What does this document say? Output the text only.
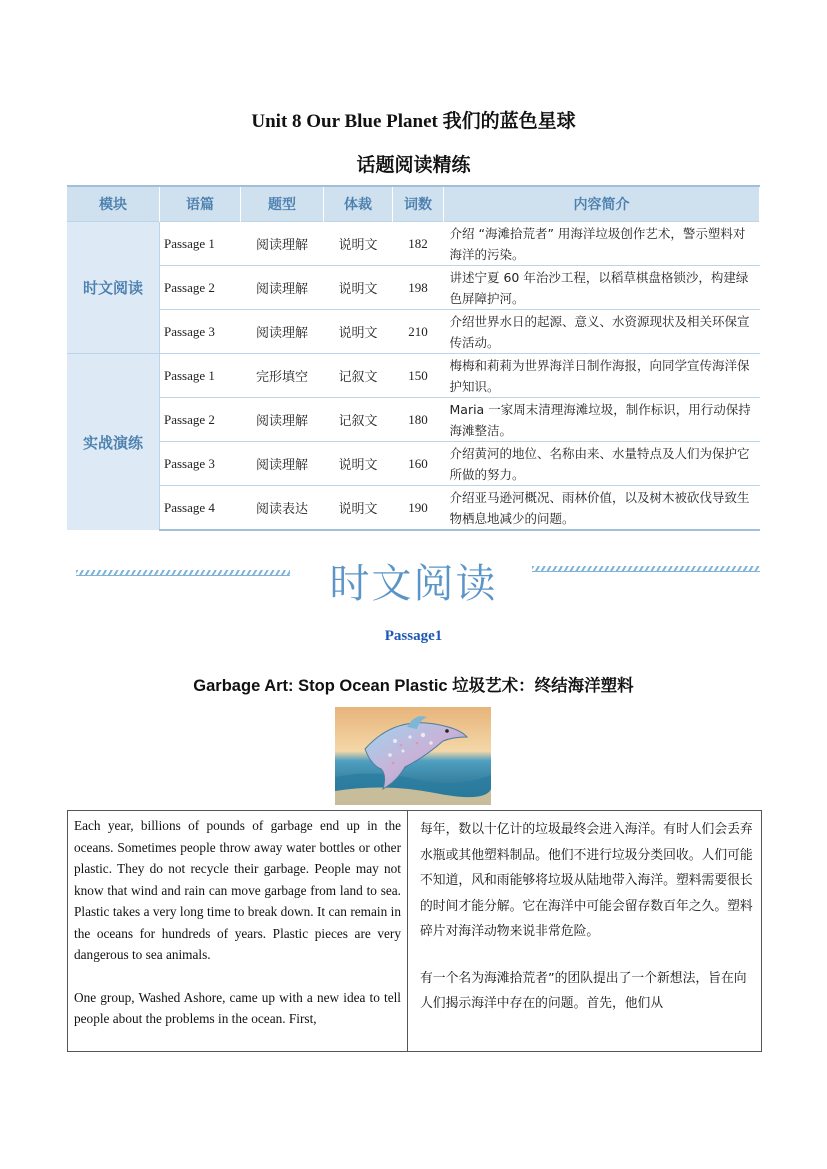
Unit 8 Our Blue Planet 我们的蓝色星球
话题阅读精练
模块	语篇	题型	体裁	词数	内容简介
时文阅读	Passage 1	阅读理解	说明文	182	介绍 “海滩拾荒者” 用海洋垃圾创作艺术，警示塑料对海洋的污染。
	Passage 2	阅读理解	说明文	198	讲述宁夏 60 年治沙工程，以稻草棋盘格锁沙，构建绿色屏障护河。
	Passage 3	阅读理解	说明文	210	介绍世界水日的起源、意义、水资源现状及相关环保宣传活动。
实战演练	Passage 1	完形填空	记叙文	150	梅梅和莉莉为世界海洋日制作海报，向同学宣传海洋保护知识。
	Passage 2	阅读理解	记叙文	180	Maria 一家周末清理海滩垃圾，制作标识，用行动保持海滩整洁。
	Passage 3	阅读理解	说明文	160	介绍黄河的地位、名称由来、水量特点及人们为保护它所做的努力。
	Passage 4	阅读表达	说明文	190	介绍亚马逊河概况、雨林价值，以及树木被砍伐导致生物栖息地减少的问题。
时文阅读
Passage1
Garbage Art: Stop Ocean Plastic 垃圾艺术：终结海洋塑料

Each year, billions of pounds of garbage end up in the oceans. Sometimes people throw away water bottles or other plastic. They do not recycle their garbage. People may not know that wind and rain can move garbage from land to sea. Plastic takes a very long time to break down. It can remain in the oceans for hundreds of years. Plastic pieces are very dangerous to sea animals.

One group, Washed Ashore, came up with a new idea to tell people about the problems in the ocean. First,

每年，数以十亿计的垃圾最终会进入海洋。有时人们会丢弃水瓶或其他塑料制品。他们不进行垃圾分类回收。人们可能不知道，风和雨能够将垃圾从陆地带入海洋。塑料需要很长的时间才能分解。它在海洋中可能会留存数百年之久。塑料碎片对海洋动物来说非常危险。

有一个名为海滩拾荒者”的团队提出了一个新想法，旨在向人们揭示海洋中存在的问题。首先，他们从
